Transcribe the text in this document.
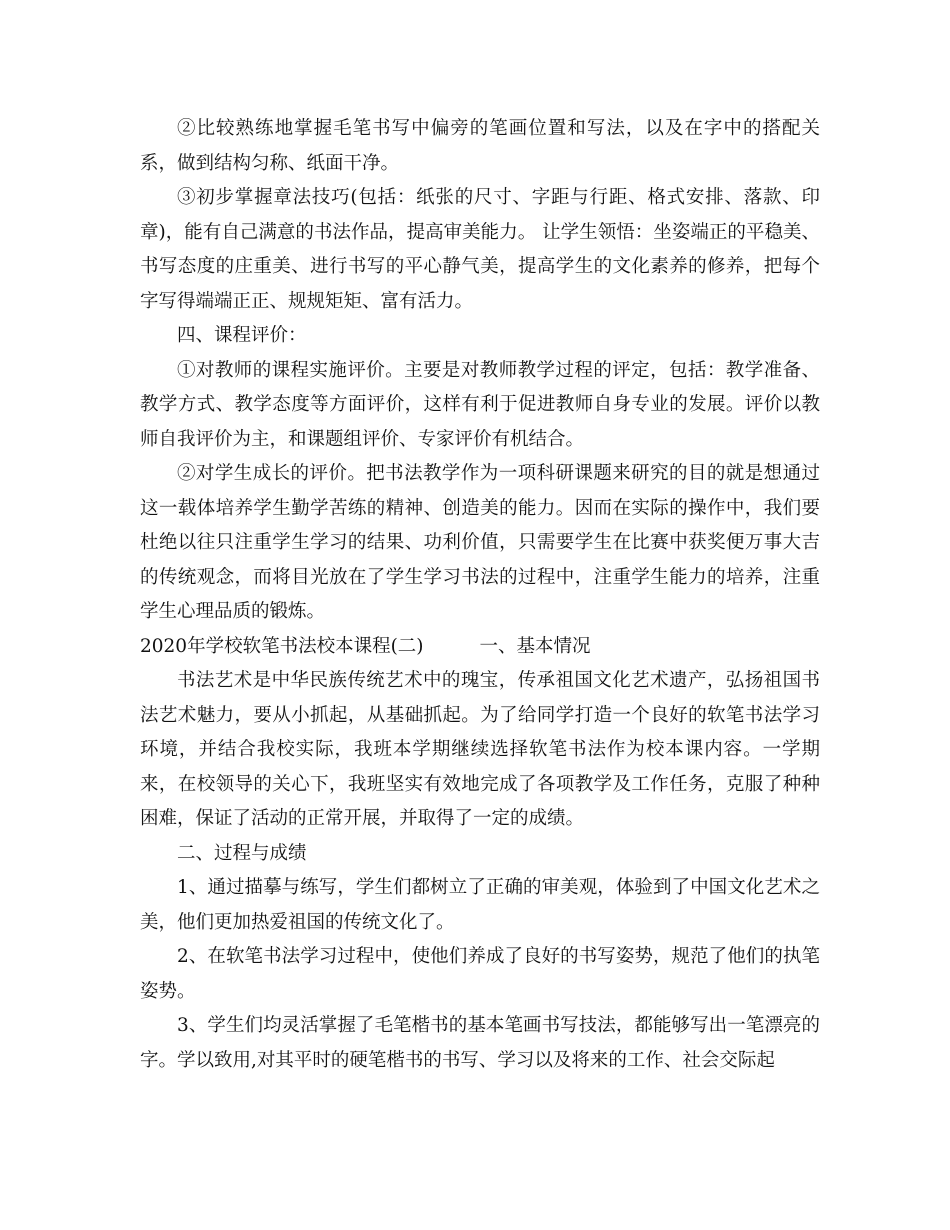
②比较熟练地掌握毛笔书写中偏旁的笔画位置和写法，以及在字中的搭配关系，做到结构匀称、纸面干净。

③初步掌握章法技巧(包括：纸张的尺寸、字距与行距、格式安排、落款、印章)，能有自己满意的书法作品，提高审美能力。 让学生领悟：坐姿端正的平稳美、书写态度的庄重美、进行书写的平心静气美，提高学生的文化素养的修养，把每个字写得端端正正、规规矩矩、富有活力。

四、课程评价：

①对教师的课程实施评价。主要是对教师教学过程的评定，包括：教学准备、教学方式、教学态度等方面评价，这样有利于促进教师自身专业的发展。评价以教师自我评价为主，和课题组评价、专家评价有机结合。

②对学生成长的评价。把书法教学作为一项科研课题来研究的目的就是想通过这一载体培养学生勤学苦练的精神、创造美的能力。因而在实际的操作中，我们要杜绝以往只注重学生学习的结果、功利价值，只需要学生在比赛中获奖便万事大吉的传统观念，而将目光放在了学生学习书法的过程中，注重学生能力的培养，注重学生心理品质的锻炼。

2020年学校软笔书法校本课程(二)	一、基本情况

书法艺术是中华民族传统艺术中的瑰宝，传承祖国文化艺术遗产，弘扬祖国书法艺术魅力，要从小抓起，从基础抓起。为了给同学打造一个良好的软笔书法学习环境，并结合我校实际，我班本学期继续选择软笔书法作为校本课内容。一学期来，在校领导的关心下，我班坚实有效地完成了各项教学及工作任务，克服了种种困难，保证了活动的正常开展，并取得了一定的成绩。

二、过程与成绩

1、通过描摹与练写，学生们都树立了正确的审美观，体验到了中国文化艺术之美，他们更加热爱祖国的传统文化了。

2、在软笔书法学习过程中，使他们养成了良好的书写姿势，规范了他们的执笔姿势。

3、学生们均灵活掌握了毛笔楷书的基本笔画书写技法，都能够写出一笔漂亮的字。学以致用,对其平时的硬笔楷书的书写、学习以及将来的工作、社会交际起
